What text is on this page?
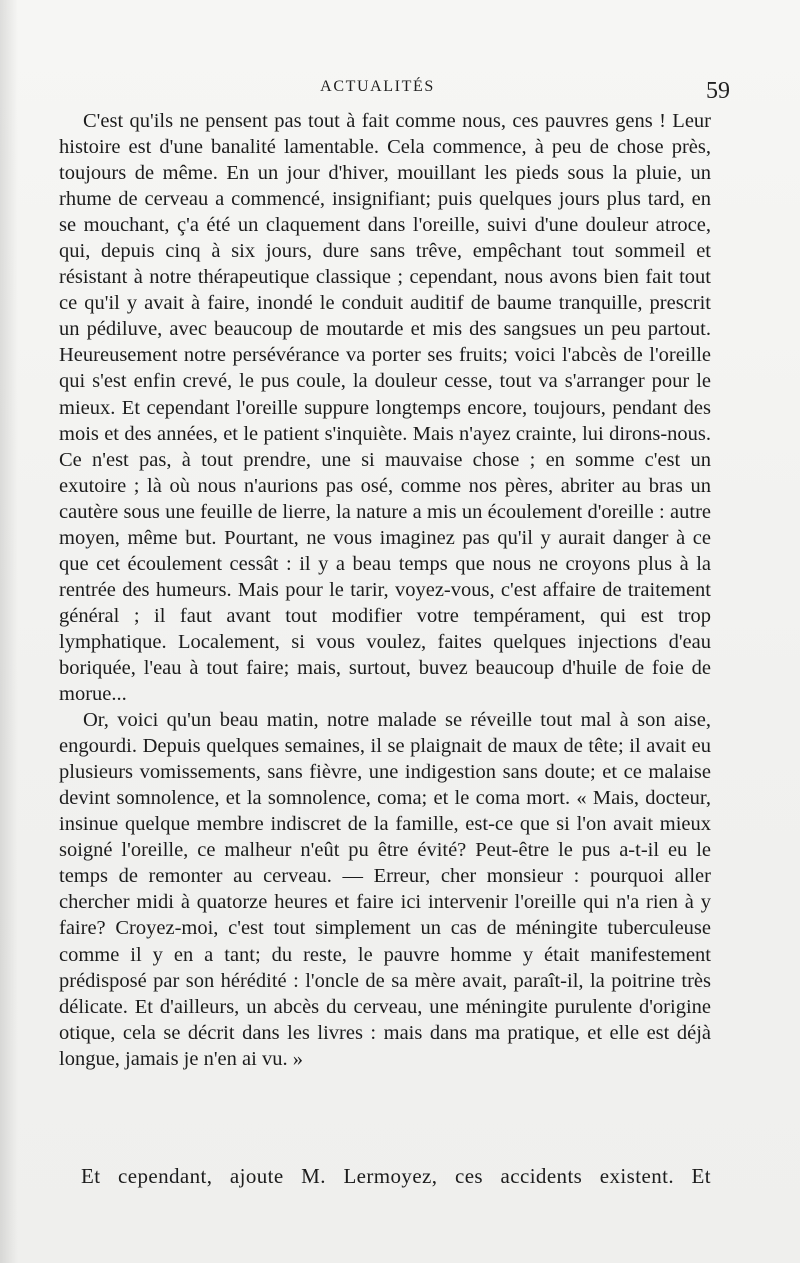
ACTUALITÉS	59

C'est qu'ils ne pensent pas tout à fait comme nous, ces pauvres gens ! Leur histoire est d'une banalité lamentable. Cela commence, à peu de chose près, toujours de même. En un jour d'hiver, mouillant les pieds sous la pluie, un rhume de cerveau a commencé, insignifiant; puis quelques jours plus tard, en se mouchant, ç'a été un claquement dans l'oreille, suivi d'une douleur atroce, qui, depuis cinq à six jours, dure sans trêve, empêchant tout sommeil et résistant à notre thérapeutique classique ; cependant, nous avons bien fait tout ce qu'il y avait à faire, inondé le conduit auditif de baume tranquille, prescrit un pédiluve, avec beaucoup de moutarde et mis des sangsues un peu partout. Heureusement notre persévérance va porter ses fruits; voici l'abcès de l'oreille qui s'est enfin crevé, le pus coule, la douleur cesse, tout va s'arranger pour le mieux. Et cependant l'oreille suppure longtemps encore, toujours, pendant des mois et des années, et le patient s'inquiète. Mais n'ayez crainte, lui dirons-nous. Ce n'est pas, à tout prendre, une si mauvaise chose ; en somme c'est un exutoire ; là où nous n'aurions pas osé, comme nos pères, abriter au bras un cautère sous une feuille de lierre, la nature a mis un écoulement d'oreille : autre moyen, même but. Pourtant, ne vous imaginez pas qu'il y aurait danger à ce que cet écoulement cessât : il y a beau temps que nous ne croyons plus à la rentrée des humeurs. Mais pour le tarir, voyez-vous, c'est affaire de traitement général ; il faut avant tout modifier votre tempérament, qui est trop lymphatique. Localement, si vous voulez, faites quelques injections d'eau boriquée, l'eau à tout faire; mais, surtout, buvez beaucoup d'huile de foie de morue...

Or, voici qu'un beau matin, notre malade se réveille tout mal à son aise, engourdi. Depuis quelques semaines, il se plaignait de maux de tête; il avait eu plusieurs vomissements, sans fièvre, une indigestion sans doute; et ce malaise devint somnolence, et la somnolence, coma; et le coma mort. « Mais, docteur, insinue quelque membre indiscret de la famille, est-ce que si l'on avait mieux soigné l'oreille, ce malheur n'eût pu être évité? Peut-être le pus a-t-il eu le temps de remonter au cerveau. — Erreur, cher monsieur : pourquoi aller chercher midi à quatorze heures et faire ici intervenir l'oreille qui n'a rien à y faire? Croyez-moi, c'est tout simplement un cas de méningite tuberculeuse comme il y en a tant; du reste, le pauvre homme y était manifestement prédisposé par son hérédité : l'oncle de sa mère avait, paraît-il, la poitrine très délicate. Et d'ailleurs, un abcès du cerveau, une méningite purulente d'origine otique, cela se décrit dans les livres : mais dans ma pratique, et elle est déjà longue, jamais je n'en ai vu. »

Et cependant, ajoute M. Lermoyez, ces accidents existent. Et
